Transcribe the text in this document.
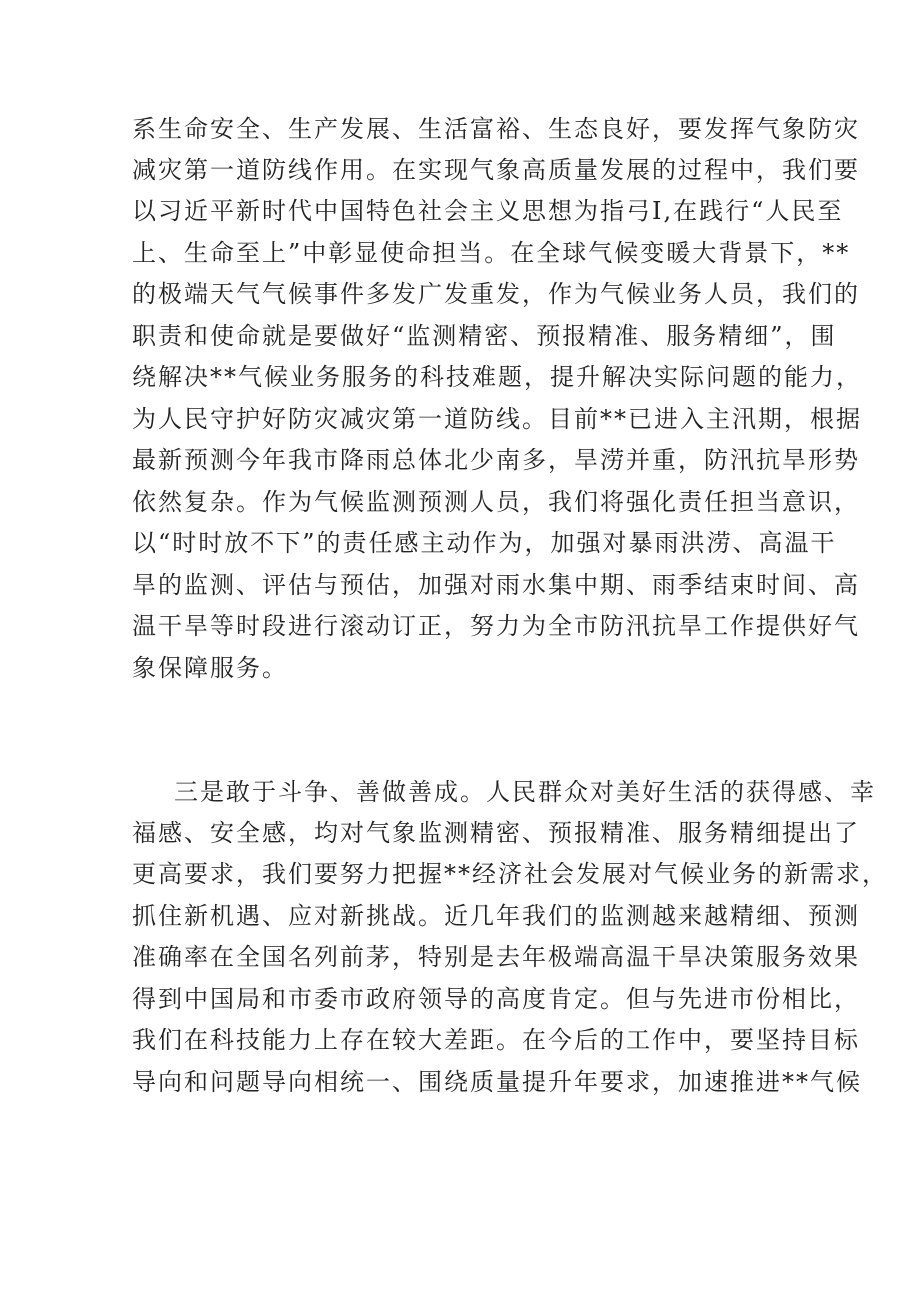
系生命安全、生产发展、生活富裕、生态良好，要发挥气象防灾
减灾第一道防线作用。在实现气象高质量发展的过程中，我们要
以习近平新时代中国特色社会主义思想为指弓I,在践行“人民至
上、生命至上”中彰显使命担当。在全球气候变暖大背景下，**
的极端天气气候事件多发广发重发，作为气候业务人员，我们的
职责和使命就是要做好“监测精密、预报精准、服务精细”，围
绕解决**气候业务服务的科技难题，提升解决实际问题的能力，
为人民守护好防灾减灾第一道防线。目前**已进入主汛期，根据
最新预测今年我市降雨总体北少南多，旱涝并重，防汛抗旱形势
依然复杂。作为气候监测预测人员，我们将强化责任担当意识，
以“时时放不下”的责任感主动作为，加强对暴雨洪涝、高温干
旱的监测、评估与预估，加强对雨水集中期、雨季结束时间、高
温干旱等时段进行滚动订正，努力为全市防汛抗旱工作提供好气
象保障服务。
三是敢于斗争、善做善成。人民群众对美好生活的获得感、幸
福感、安全感，均对气象监测精密、预报精准、服务精细提出了
更高要求，我们要努力把握**经济社会发展对气候业务的新需求，
抓住新机遇、应对新挑战。近几年我们的监测越来越精细、预测
准确率在全国名列前茅，特别是去年极端高温干旱决策服务效果
得到中国局和市委市政府领导的高度肯定。但与先进市份相比，
我们在科技能力上存在较大差距。在今后的工作中，要坚持目标
导向和问题导向相统一、围绕质量提升年要求，加速推进**气候
